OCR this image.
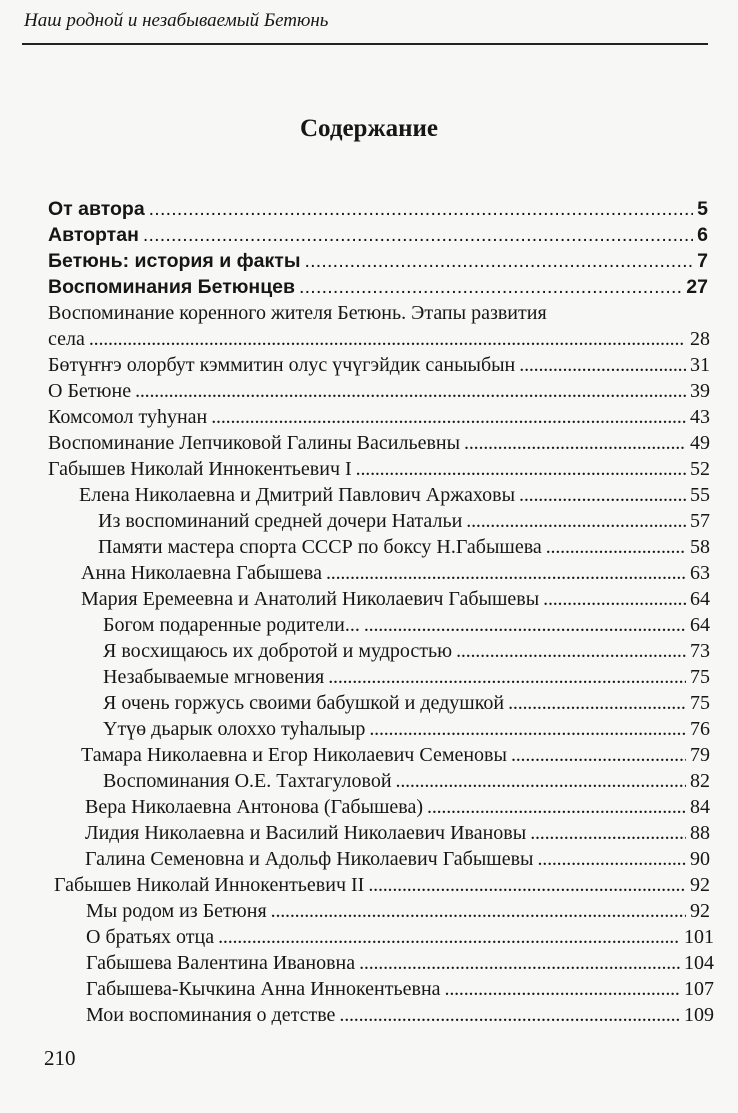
Наш родной и незабываемый Бетюнь
Содержание
От автора . . .	5
Автортан . . .	6
Бетюнь: история и факты . . .	7
Воспоминания Бетюнцев . . .	27
Воспоминание коренного жителя Бетюнь. Этапы развития
села . . .	28
Бөтүҥҥэ олорбут кэммитин олус үчүгэйдик саныыбын . . .	31
О Бетюне . . .	39
Комсомол туһунан . . .	43
Воспоминание Лепчиковой Галины Васильевны . . .	49
Габышев Николай Иннокентьевич I . . .	52
Елена Николаевна и Дмитрий Павлович Аржаховы . . .	55
Из воспоминаний средней дочери Натальи . . .	57
Памяти мастера спорта СССР по боксу Н.Габышева . . .	58
Анна Николаевна Габышева . . .	63
Мария Еремеевна и Анатолий Николаевич Габышевы . . .	64
Богом подаренные родители... . . .	64
Я восхищаюсь их добротой и мудростью . . .	73
Незабываемые мгновения . . .	75
Я очень горжусь своими бабушкой и дедушкой . . .	75
Үтүө дьарык олоххо туһалыыр . . .	76
Тамара Николаевна и Егор Николаевич Семеновы . . .	79
Воспоминания О.Е. Тахтагуловой . . .	82
Вера Николаевна Антонова (Габышева) . . .	84
Лидия Николаевна и Василий Николаевич Ивановы . . .	88
Галина Семеновна и Адольф Николаевич Габышевы . . .	90
Габышев Николай Иннокентьевич II . . .	92
Мы родом из Бетюня . . .	92
О братьях отца . . .	101
Габышева Валентина Ивановна . . .	104
Габышева-Кычкина Анна Иннокентьевна . . .	107
Мои воспоминания о детстве . . .	109
210
